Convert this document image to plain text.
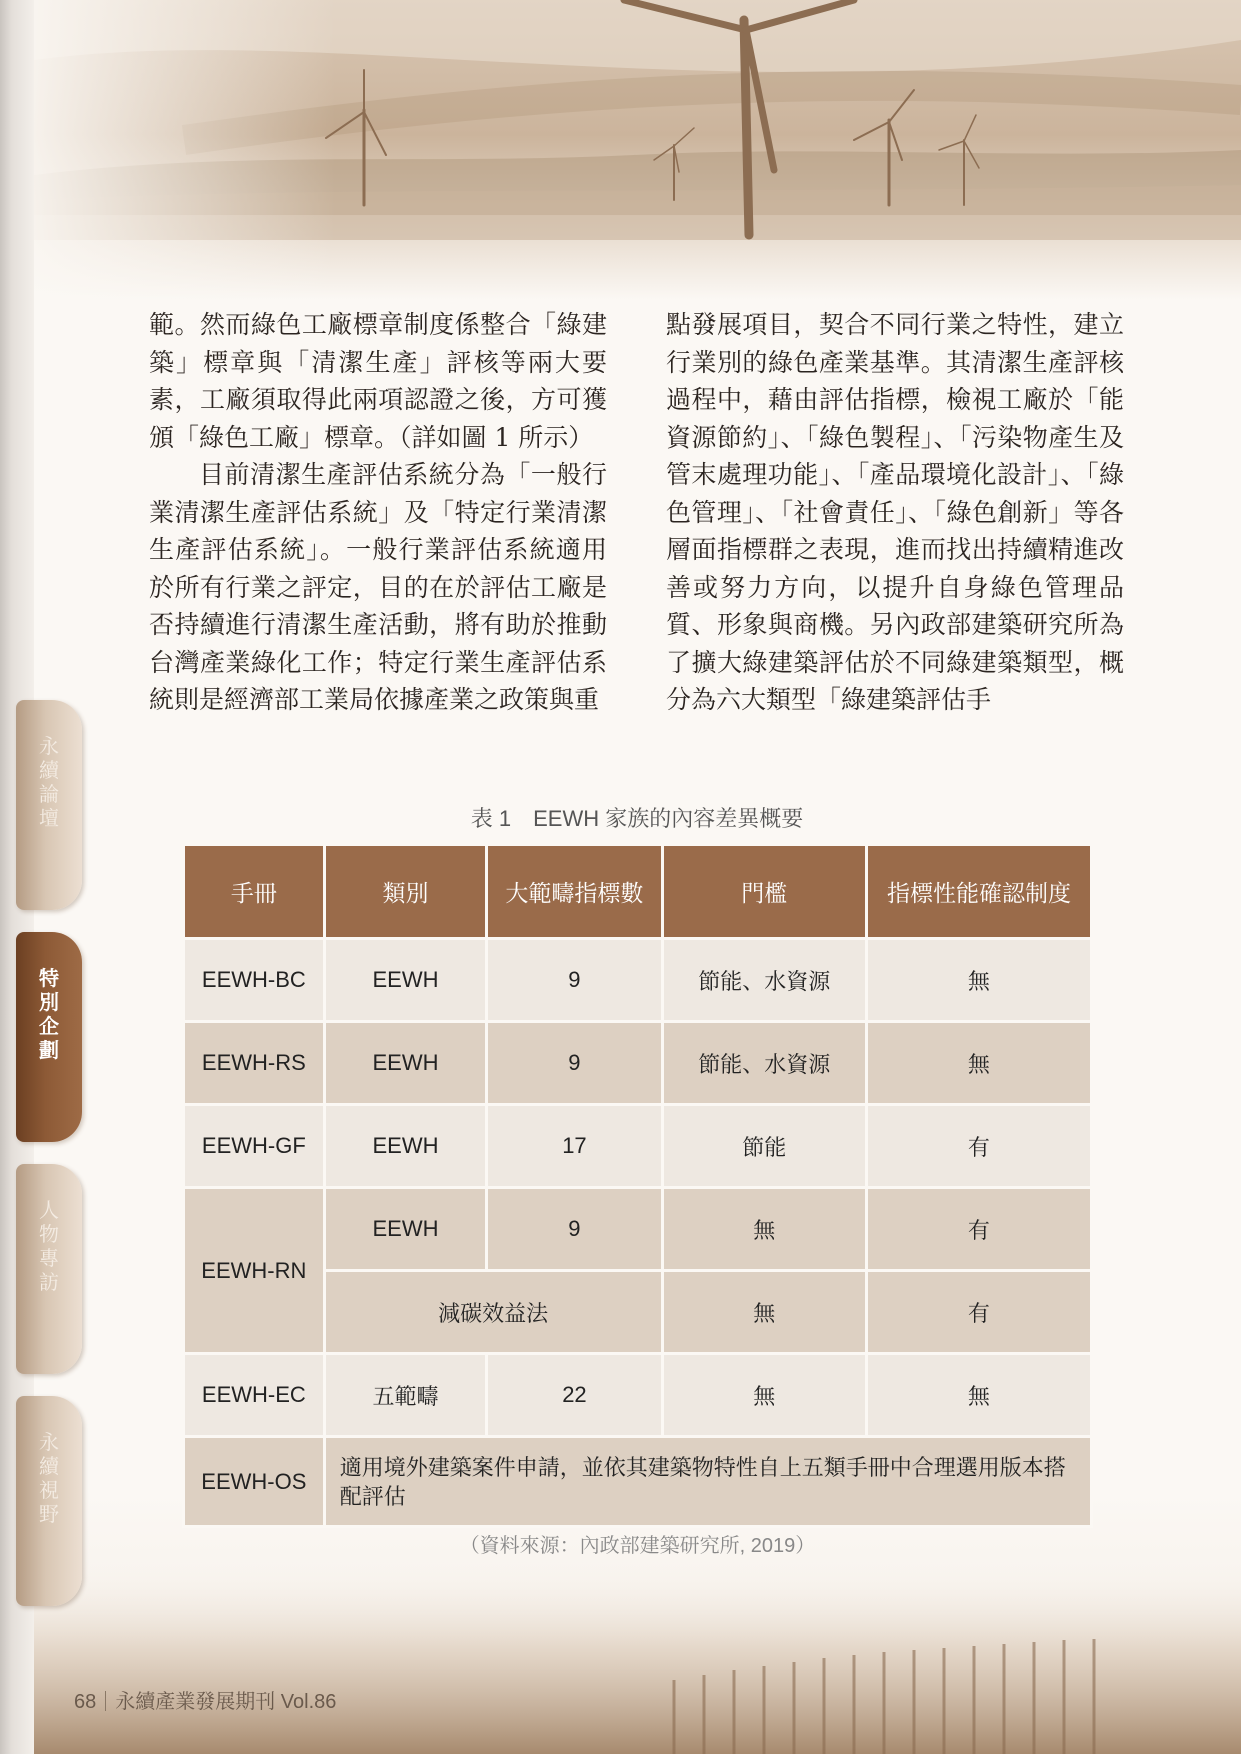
範。然而綠色工廠標章制度係整合「綠建築」標章與「清潔生產」評核等兩大要素，工廠須取得此兩項認證之後，方可獲頒「綠色工廠」標章。（詳如圖 1 所示）

目前清潔生產評估系統分為「一般行業清潔生產評估系統」及「特定行業清潔生產評估系統」。一般行業評估系統適用於所有行業之評定，目的在於評估工廠是否持續進行清潔生產活動，將有助於推動台灣產業綠化工作；特定行業生產評估系統則是經濟部工業局依據產業之政策與重

點發展項目，契合不同行業之特性，建立行業別的綠色產業基準。其清潔生產評核過程中，藉由評估指標，檢視工廠於「能資源節約」、「綠色製程」、「污染物產生及管末處理功能」、「產品環境化設計」、「綠色管理」、「社會責任」、「綠色創新」等各層面指標群之表現，進而找出持續精進改善或努力方向，以提升自身綠色管理品質、形象與商機。另內政部建築研究所為了擴大綠建築評估於不同綠建築類型，概分為六大類型「綠建築評估手

永續論壇
特別企劃
人物專訪
永續視野
表 1 EEWH 家族的內容差異概要
手冊	類別	大範疇指標數	門檻	指標性能確認制度
EEWH-BC	EEWH	9	節能、水資源	無
EEWH-RS	EEWH	9	節能、水資源	無
EEWH-GF	EEWH	17	節能	有
EEWH-RN	EEWH	9	無	有
	減碳效益法		無	有
EEWH-EC	五範疇	22	無	無
EEWH-OS	適用境外建築案件申請，並依其建築物特性自上五類手冊中合理選用版本搭配評估			
（資料來源：內政部建築研究所, 2019）
68 永續產業發展期刊 Vol.86
